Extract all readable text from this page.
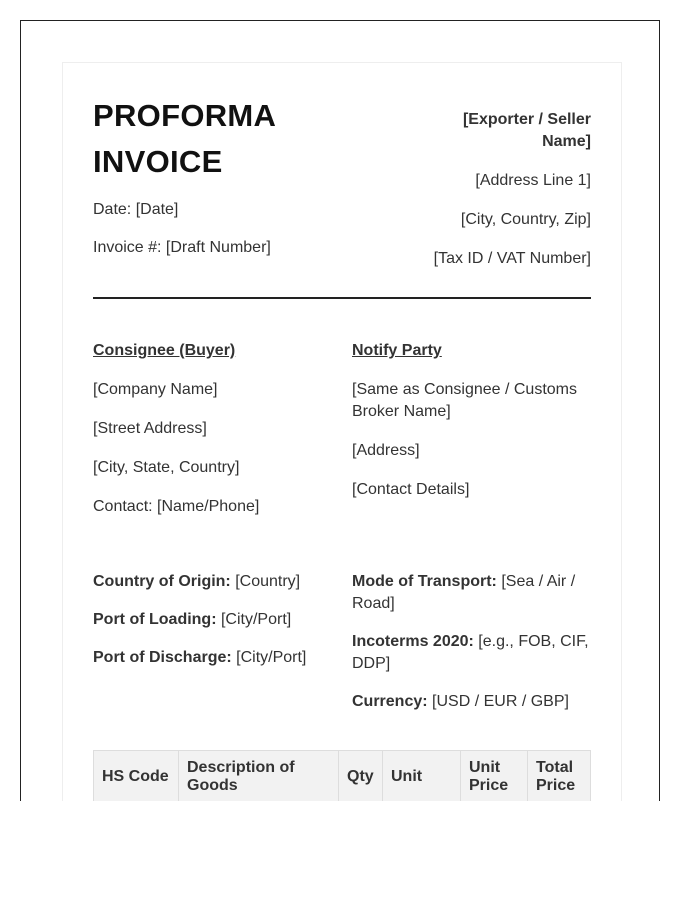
PROFORMA
INVOICE

Date: [Date]

Invoice #: [Draft Number]

[Exporter / Seller
Name]

[Address Line 1]

[City, Country, Zip]

[Tax ID / VAT Number]

Consignee (Buyer)

[Company Name]

[Street Address]

[City, State, Country]

Contact: [Name/Phone]

Notify Party

[Same as Consignee / Customs Broker Name]

[Address]

[Contact Details]

Country of Origin: [Country]

Port of Loading: [City/Port]

Port of Discharge: [City/Port]

Mode of Transport: [Sea / Air / Road]

Incoterms 2020: [e.g., FOB, CIF, DDP]

Currency: [USD / EUR / GBP]

HS Code	Description of Goods	Qty	Unit	Unit Price	Total Price
